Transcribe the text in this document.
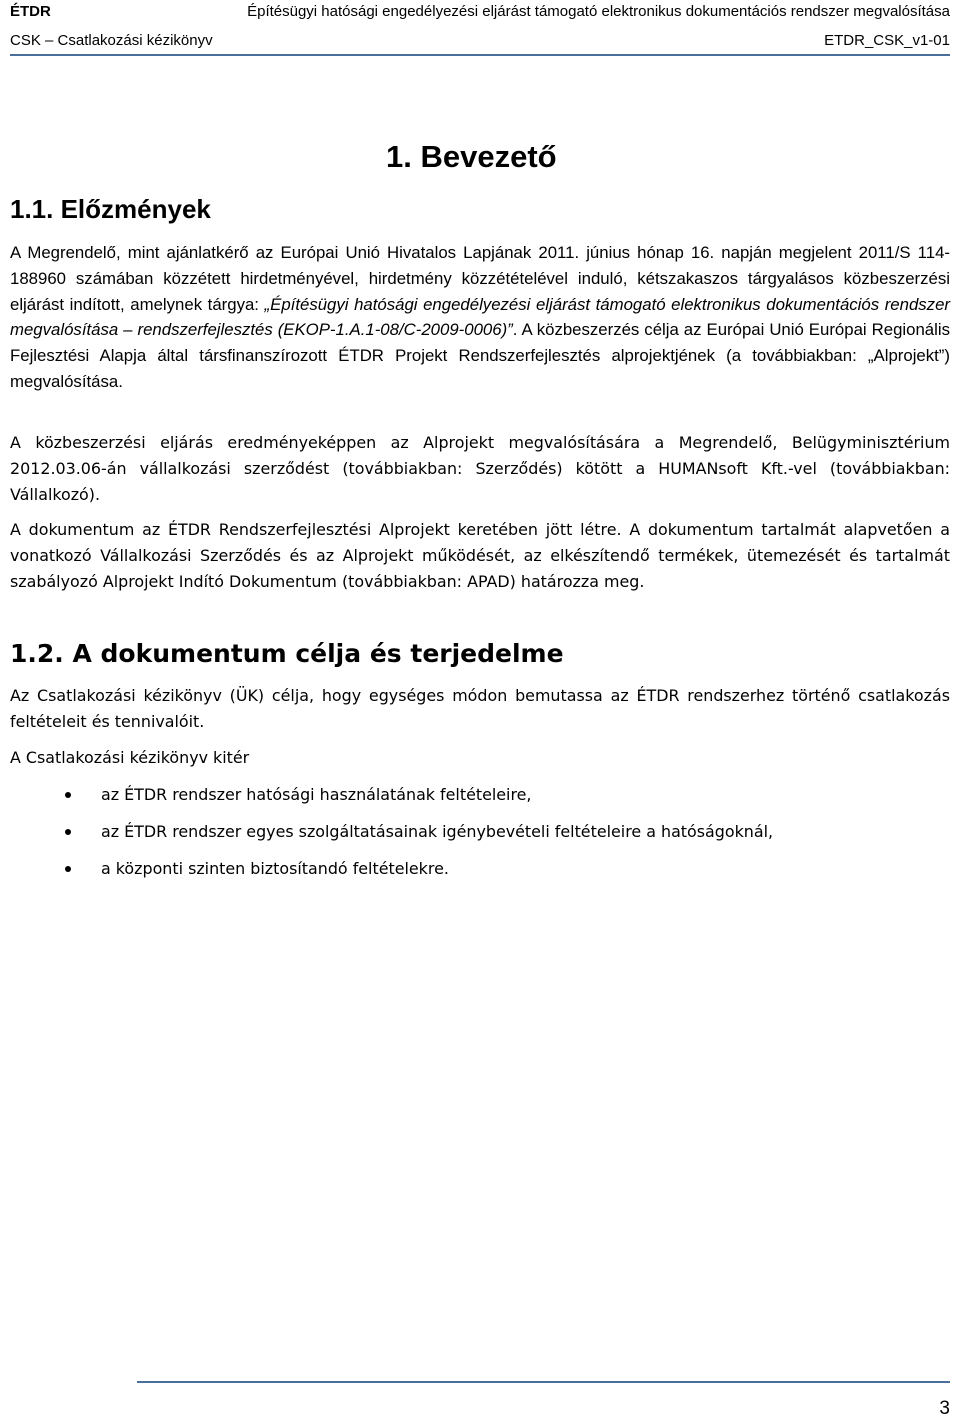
ÉTDR	Építésügyi hatósági engedélyezési eljárást támogató elektronikus dokumentációs rendszer megvalósítása
CSK – Csatlakozási kézikönyv	ETDR_CSK_v1-01
1. Bevezető
1.1. Előzmények
A Megrendelő, mint ajánlatkérő az Európai Unió Hivatalos Lapjának 2011. június hónap 16. napján megjelent 2011/S 114-188960 számában közzétett hirdetményével, hirdetmény közzétételével induló, kétszakaszos tárgyalásos közbeszerzési eljárást indított, amelynek tárgya: „Építésügyi hatósági engedélyezési eljárást támogató elektronikus dokumentációs rendszer megvalósítása – rendszerfejlesztés (EKOP-1.A.1-08/C-2009-0006)”. A közbeszerzés célja az Európai Unió Európai Regionális Fejlesztési Alapja által társfinanszírozott ÉTDR Projekt Rendszerfejlesztés alprojektjének (a továbbiakban: „Alprojekt”) megvalósítása.
A közbeszerzési eljárás eredményeképpen az Alprojekt megvalósítására a Megrendelő, Belügyminisztérium 2012.03.06-án vállalkozási szerződést (továbbiakban: Szerződés) kötött a HUMANsoft Kft.-vel (továbbiakban: Vállalkozó).
A dokumentum az ÉTDR Rendszerfejlesztési Alprojekt keretében jött létre. A dokumentum tartalmát alapvetően a vonatkozó Vállalkozási Szerződés és az Alprojekt működését, az elkészítendő termékek, ütemezését és tartalmát szabályozó Alprojekt Indító Dokumentum (továbbiakban: APAD) határozza meg.
1.2. A dokumentum célja és terjedelme
Az Csatlakozási kézikönyv (ÜK) célja, hogy egységes módon bemutassa az ÉTDR rendszerhez történő csatlakozás feltételeit és tennivalóit.
A Csatlakozási kézikönyv kitér
az ÉTDR rendszer hatósági használatának feltételeire,
az ÉTDR rendszer egyes szolgáltatásainak igénybevételi feltételeire a hatóságoknál,
a központi szinten biztosítandó feltételekre.
3
